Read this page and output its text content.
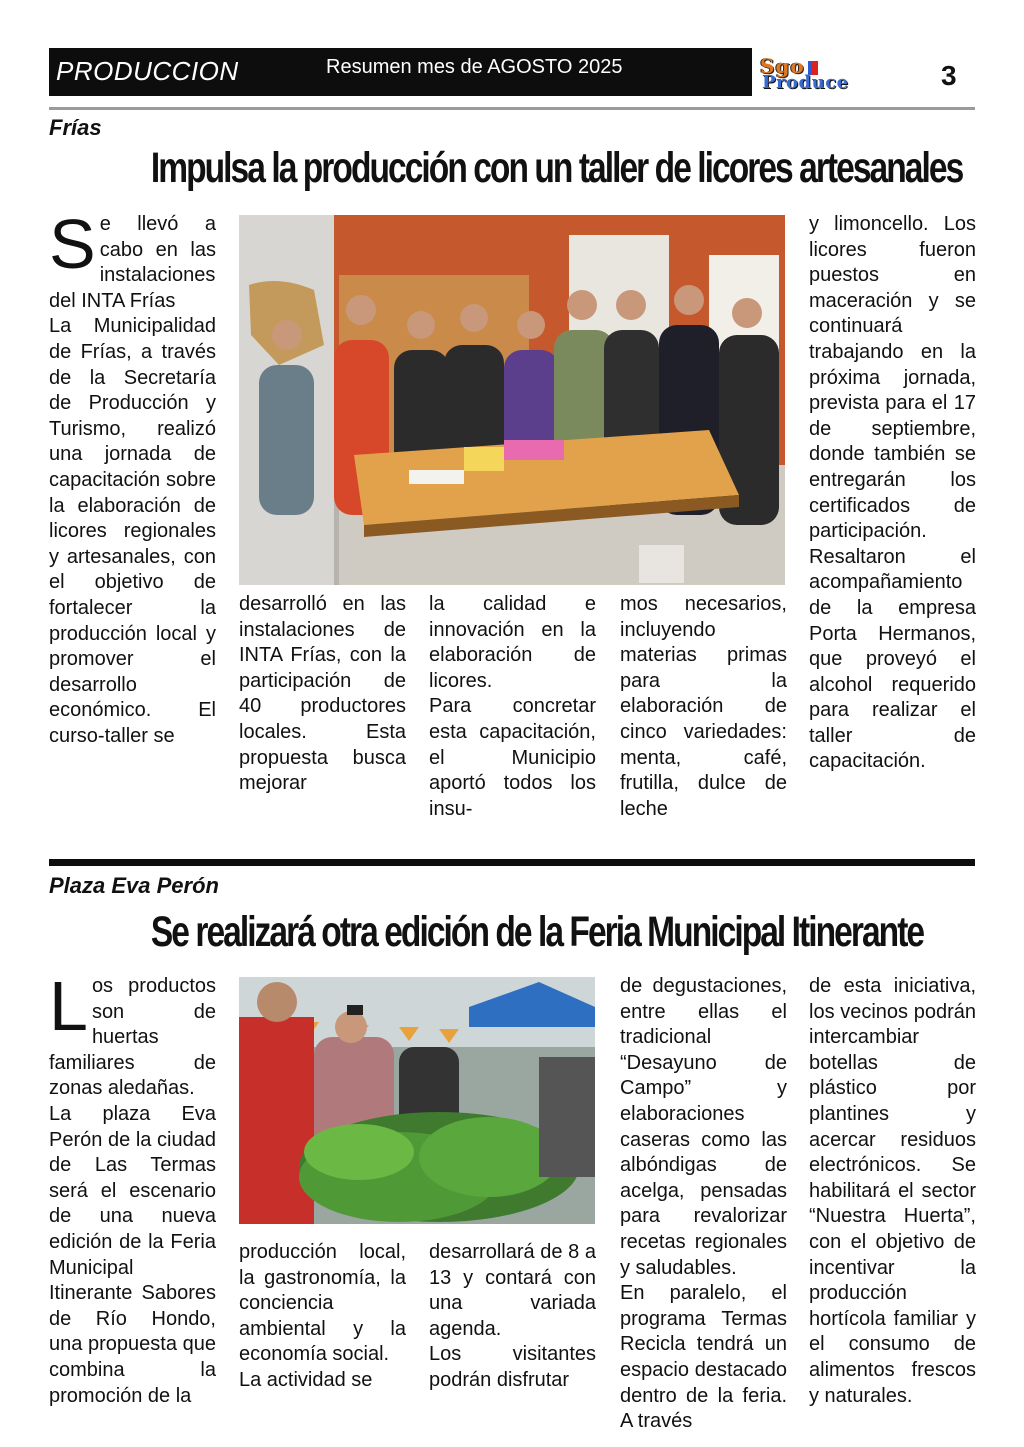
PRODUCCION	Resumen mes de AGOSTO 2025	Sgo
Produce	3
Frías
Impulsa la producción con un taller de licores artesanales
S e llevó a cabo en las instalaciones del INTA Frías

La Municipalidad de Frías, a través de la Secretaría de Producción y Turismo, realizó una jornada de capacitación sobre la elaboración de licores regionales y artesanales, con el objetivo de fortalecer la producción local y promover el desarrollo económico. El curso-taller se

desarrolló en las instalaciones de INTA Frías, con la participación de 40 productores locales. Esta propuesta busca mejorar

la calidad e innovación en la elaboración de licores.

Para concretar esta capacitación, el Municipio aportó todos los insu-

mos necesarios, incluyendo materias primas para la elaboración de cinco variedades: menta, café, frutilla, dulce de leche

y limoncello. Los licores fueron puestos en maceración y se continuará trabajando en la próxima jornada, prevista para el 17 de septiembre, donde también se entregarán los certificados de participación. Resaltaron el acompañamiento de la empresa Porta Hermanos, que proveyó el alcohol requerido para realizar el taller de capacitación.

Plaza Eva Perón
Se realizará otra edición de la Feria Municipal Itinerante
L os productos son de huertas familiares de zonas aledañas.

La plaza Eva Perón de la ciudad de Las Termas será el escenario de una nueva edición de la Feria Municipal Itinerante Sabores de Río Hondo, una propuesta que combina la promoción de la

producción local, la gastronomía, la conciencia ambiental y la economía social.

La actividad se

desarrollará de 8 a 13 y contará con una variada agenda.

Los visitantes podrán disfrutar

de degustaciones, entre ellas el tradicional “Desayuno de Campo” y elaboraciones caseras como las albóndigas de acelga, pensadas para revalorizar recetas regionales y saludables.

En paralelo, el programa Termas Recicla tendrá un espacio destacado dentro de la feria. A través

de esta iniciativa, los vecinos podrán intercambiar botellas de plástico por plantines y acercar residuos electrónicos. Se habilitará el sector “Nuestra Huerta”, con el objetivo de incentivar la producción hortícola familiar y el consumo de alimentos frescos y naturales.
